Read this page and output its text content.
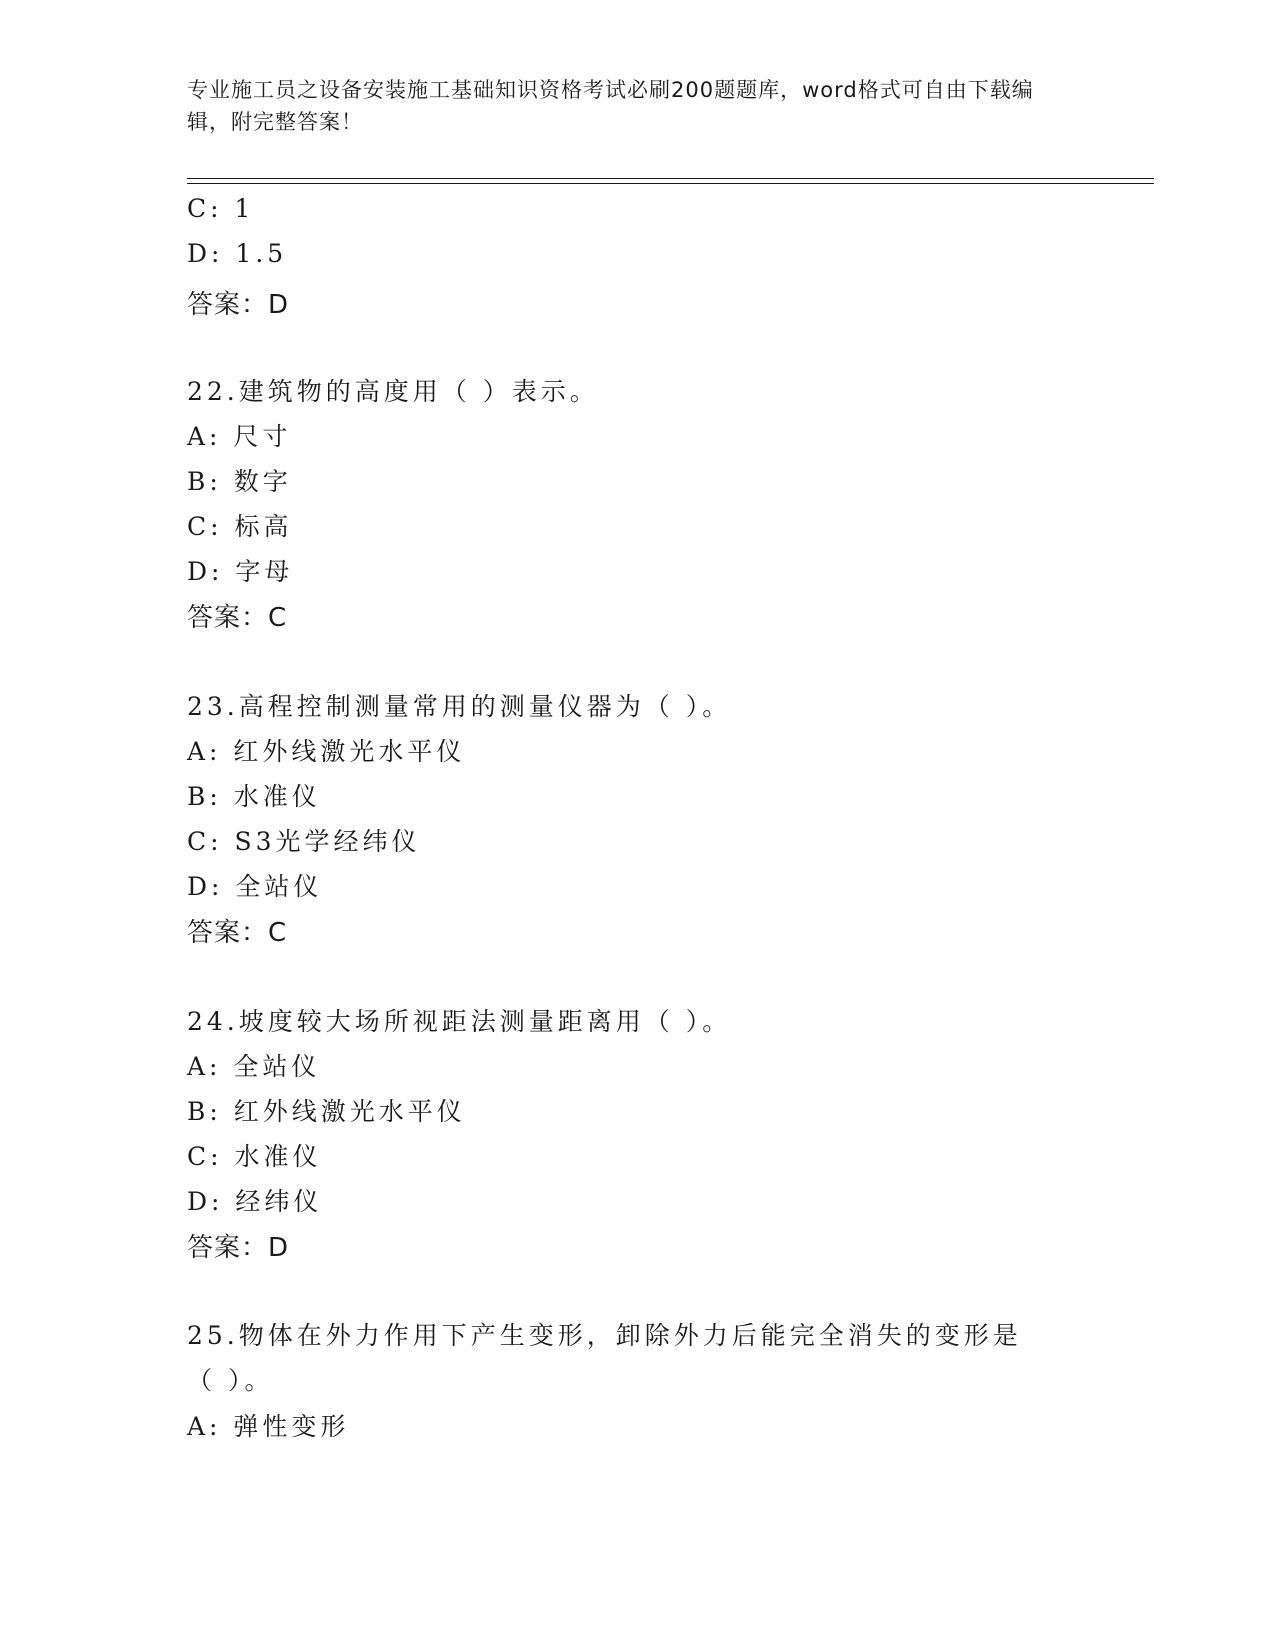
专业施工员之设备安装施工基础知识资格考试必刷200题题库，word格式可自由下载编辑，附完整答案！
C: 1
D: 1.5
答案：D
22.建筑物的高度用（ ）表示。
A: 尺寸
B: 数字
C: 标高
D: 字母
答案：C
23.高程控制测量常用的测量仪器为（ ）。
A: 红外线激光水平仪
B: 水准仪
C: S3光学经纬仪
D: 全站仪
答案：C
24.坡度较大场所视距法测量距离用（ ）。
A: 全站仪
B: 红外线激光水平仪
C: 水准仪
D: 经纬仪
答案：D
25.物体在外力作用下产生变形，卸除外力后能完全消失的变形是（ ）。
A: 弹性变形
